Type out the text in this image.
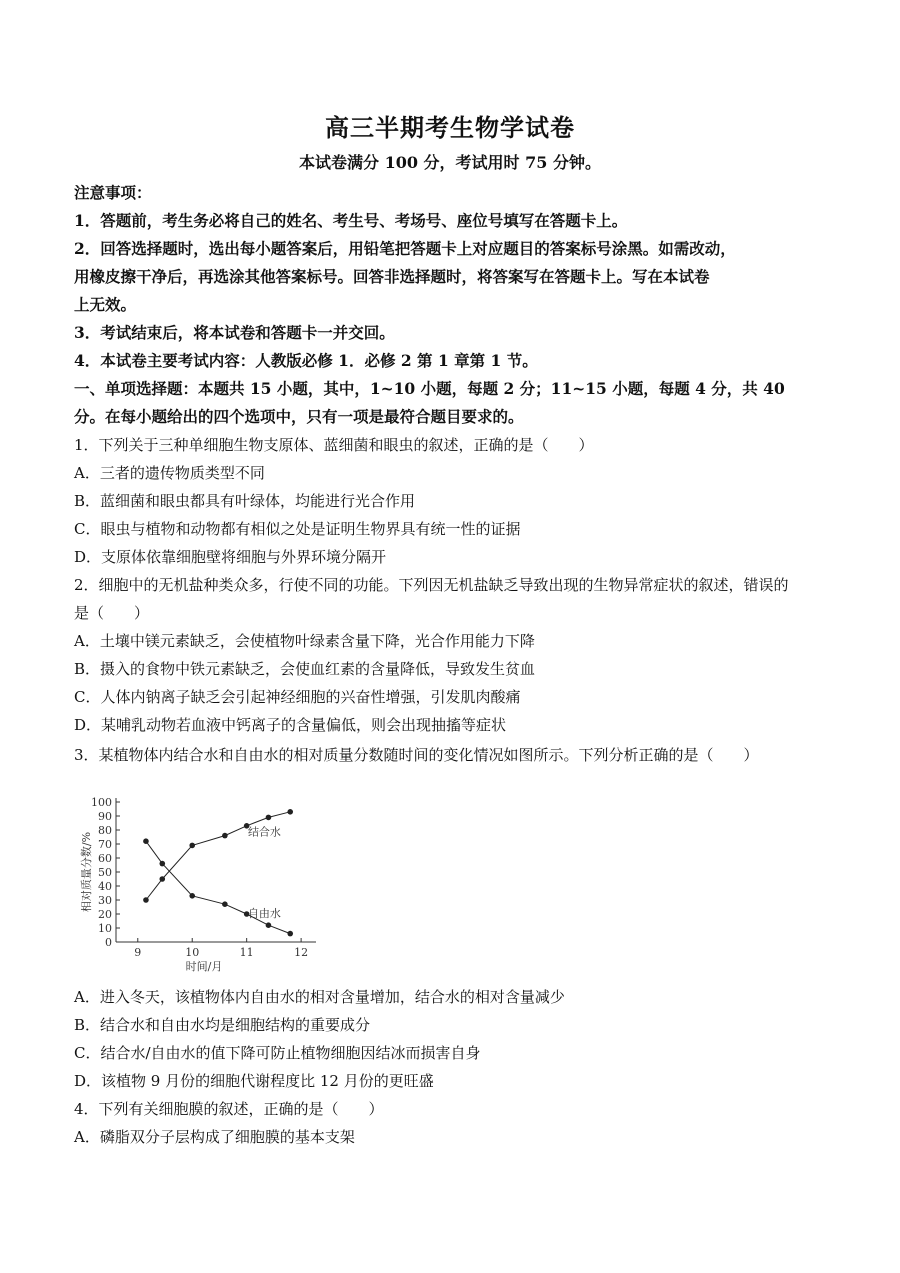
高三半期考生物学试卷
本试卷满分 100 分，考试用时 75 分钟。
注意事项：
1．答题前，考生务必将自己的姓名、考生号、考场号、座位号填写在答题卡上。
2．回答选择题时，选出每小题答案后，用铅笔把答题卡上对应题目的答案标号涂黑。如需改动，
用橡皮擦干净后，再选涂其他答案标号。回答非选择题时，将答案写在答题卡上。写在本试卷
上无效。
3．考试结束后，将本试卷和答题卡一并交回。
4．本试卷主要考试内容：人教版必修 1．必修 2 第 1 章第 1 节。
一、单项选择题：本题共 15 小题，其中，1~10 小题，每题 2 分；11~15 小题，每题 4 分，共 40
分。在每小题给出的四个选项中，只有一项是最符合题目要求的。
1．下列关于三种单细胞生物支原体、蓝细菌和眼虫的叙述，正确的是（　　）
A．三者的遗传物质类型不同
B．蓝细菌和眼虫都具有叶绿体，均能进行光合作用
C．眼虫与植物和动物都有相似之处是证明生物界具有统一性的证据
D．支原体依靠细胞壁将细胞与外界环境分隔开
2．细胞中的无机盐种类众多，行使不同的功能。下列因无机盐缺乏导致出现的生物异常症状的叙述，错误的
是（　　）
A．土壤中镁元素缺乏，会使植物叶绿素含量下降，光合作用能力下降
B．摄入的食物中铁元素缺乏，会使血红素的含量降低，导致发生贫血
C．人体内钠离子缺乏会引起神经细胞的兴奋性增强，引发肌肉酸痛
D．某哺乳动物若血液中钙离子的含量偏低，则会出现抽搐等症状
3．某植物体内结合水和自由水的相对质量分数随时间的变化情况如图所示。下列分析正确的是（　　）
0
10
20
30
40
50
60
70
80
90
100
9	10	11	12
时间/月
相对质量分数/%
结合水
自由水
A．进入冬天，该植物体内自由水的相对含量增加，结合水的相对含量减少
B．结合水和自由水均是细胞结构的重要成分
C．结合水/自由水的值下降可防止植物细胞因结冰而损害自身
D．该植物 9 月份的细胞代谢程度比 12 月份的更旺盛
4．下列有关细胞膜的叙述，正确的是（　　）
A．磷脂双分子层构成了细胞膜的基本支架
